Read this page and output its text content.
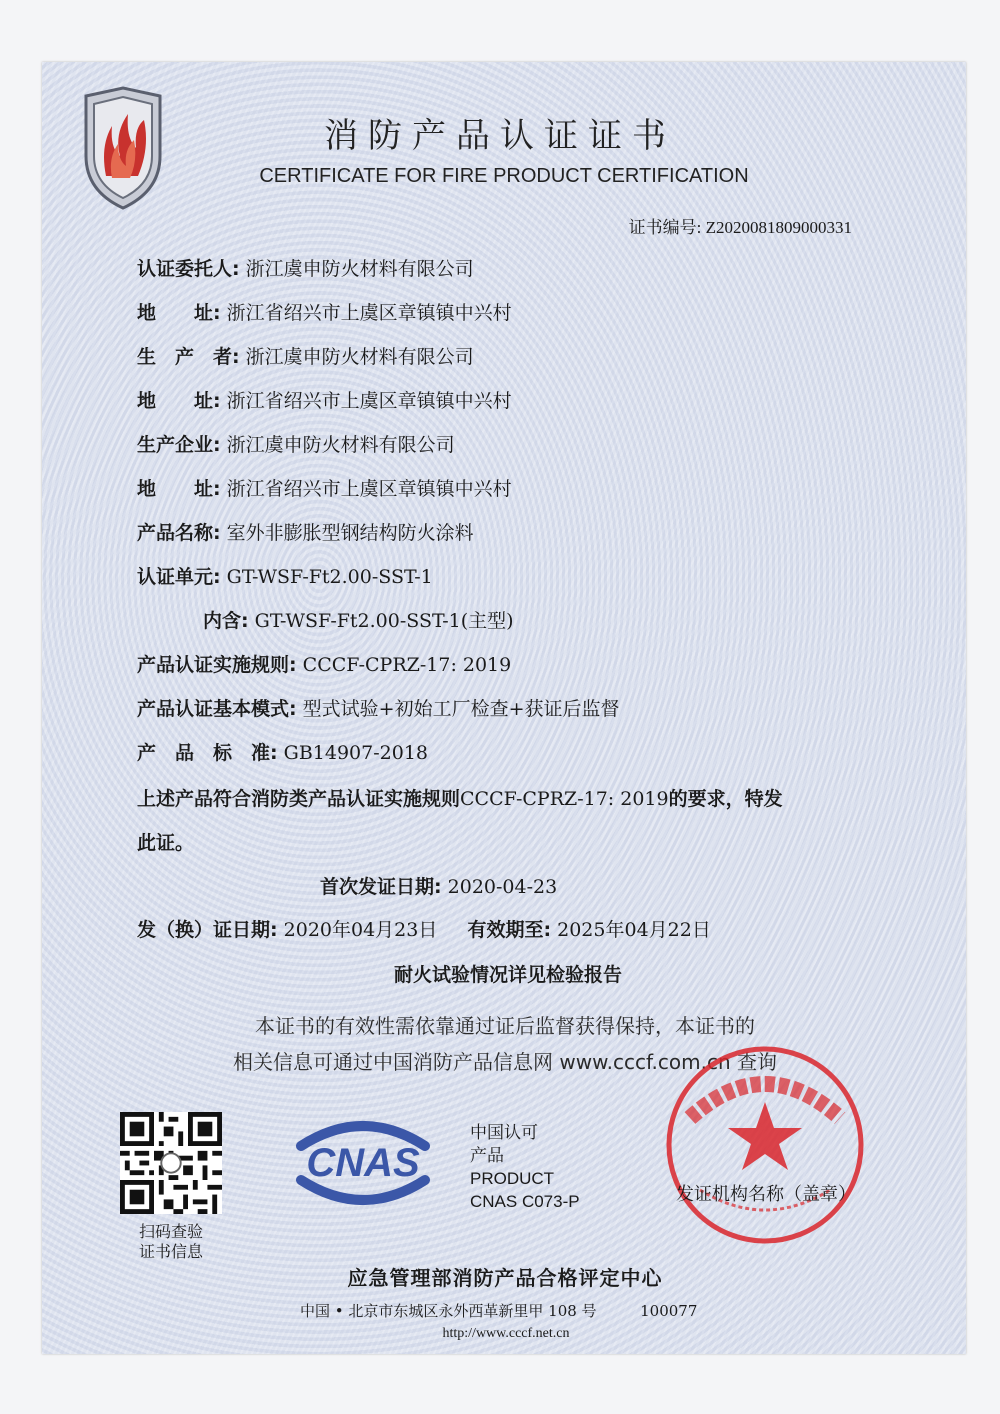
消防产品认证证书
CERTIFICATE FOR FIRE PRODUCT CERTIFICATION
证书编号: Z2020081809000331
认证委托人: 浙江虞申防火材料有限公司
地　　址: 浙江省绍兴市上虞区章镇镇中兴村
生　产　者: 浙江虞申防火材料有限公司
地　　址: 浙江省绍兴市上虞区章镇镇中兴村
生产企业: 浙江虞申防火材料有限公司
地　　址: 浙江省绍兴市上虞区章镇镇中兴村
产品名称: 室外非膨胀型钢结构防火涂料
认证单元: GT-WSF-Ft2.00-SST-1
内含: GT-WSF-Ft2.00-SST-1(主型)
产品认证实施规则: CCCF-CPRZ-17: 2019
产品认证基本模式: 型式试验+初始工厂检查+获证后监督
产　品　标　准: GB14907-2018
上述产品符合消防类产品认证实施规则CCCF-CPRZ-17: 2019的要求，特发
此证。
首次发证日期: 2020-04-23
发（换）证日期: 2020年04月23日 有效期至: 2025年04月22日
耐火试验情况详见检验报告
本证书的有效性需依靠通过证后监督获得保持，本证书的
相关信息可通过中国消防产品信息网 www.cccf.com.cn 查询
扫码查验
证书信息
CNAS
中国认可
产品
PRODUCT
CNAS C073-P	发证机构名称（盖章）
应急管理部消防产品合格评定中心
中国 • 北京市东城区永外西革新里甲 108 号	100077
http://www.cccf.net.cn
